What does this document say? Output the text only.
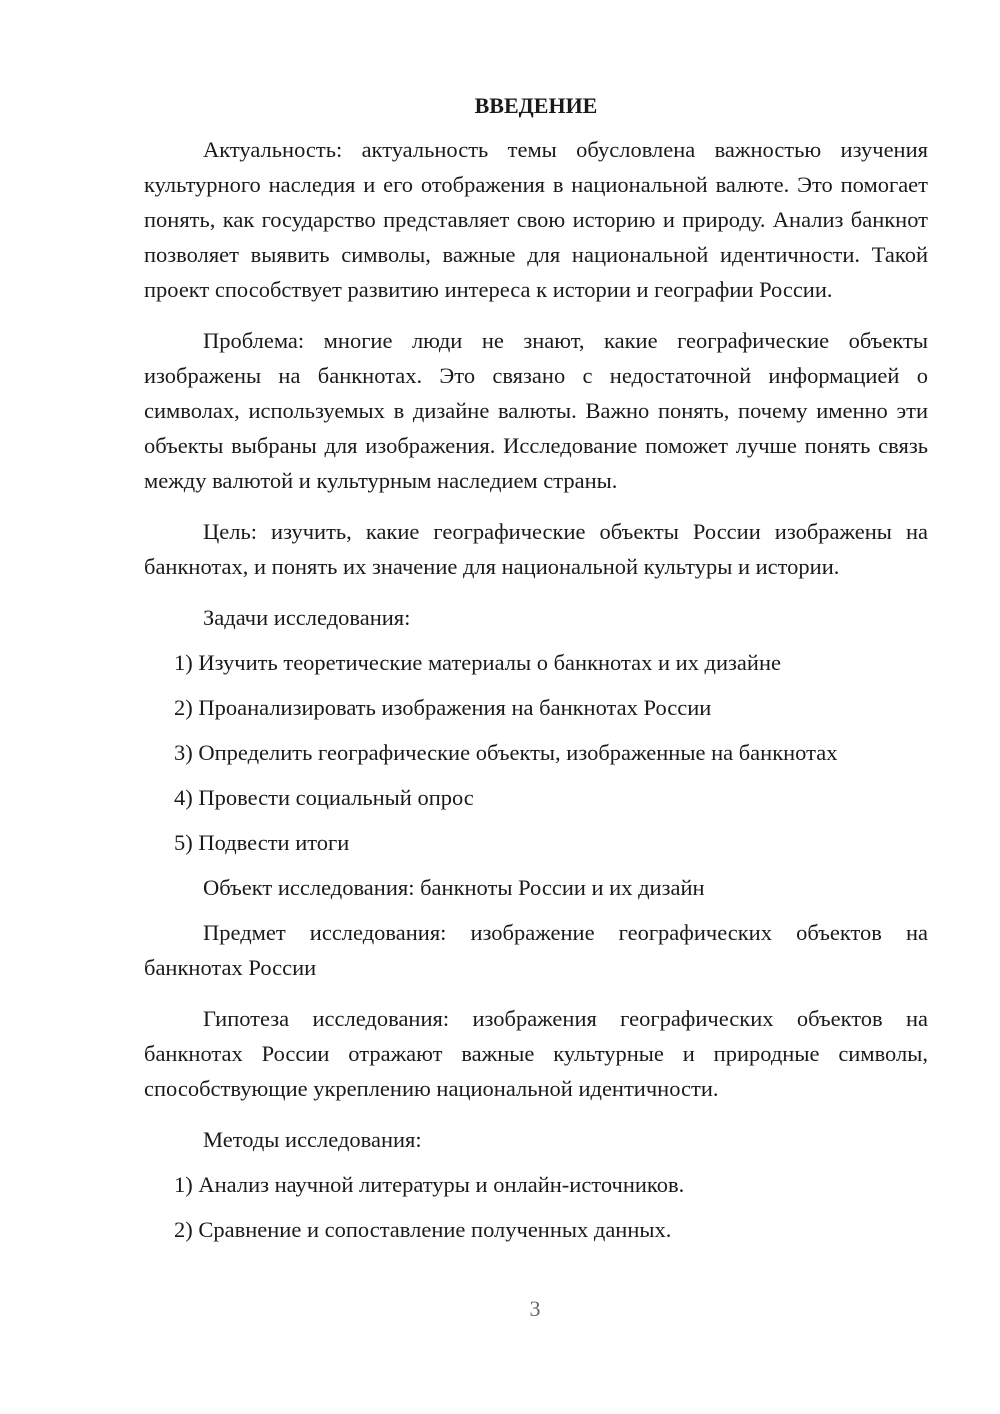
ВВЕДЕНИЕ

Актуальность: актуальность темы обусловлена важностью изучения культурного наследия и его отображения в национальной валюте. Это помогает понять, как государство представляет свою историю и природу. Анализ банкнот позволяет выявить символы, важные для национальной идентичности. Такой проект способствует развитию интереса к истории и географии России.

Проблема: многие люди не знают, какие географические объекты изображены на банкнотах. Это связано с недостаточной информацией о символах, используемых в дизайне валюты. Важно понять, почему именно эти объекты выбраны для изображения. Исследование поможет лучше понять связь между валютой и культурным наследием страны.

Цель: изучить, какие географические объекты России изображены на банкнотах, и понять их значение для национальной культуры и истории.

Задачи исследования:
1) Изучить теоретические материалы о банкнотах и их дизайне
2) Проанализировать изображения на банкнотах России
3) Определить географические объекты, изображенные на банкнотах
4) Провести социальный опрос
5) Подвести итоги
Объект исследования: банкноты России и их дизайн

Предмет исследования: изображение географических объектов на банкнотах России

Гипотеза исследования: изображения географических объектов на банкнотах России отражают важные культурные и природные символы, способствующие укреплению национальной идентичности.

Методы исследования:
1) Анализ научной литературы и онлайн-источников.
2) Сравнение и сопоставление полученных данных.
3
